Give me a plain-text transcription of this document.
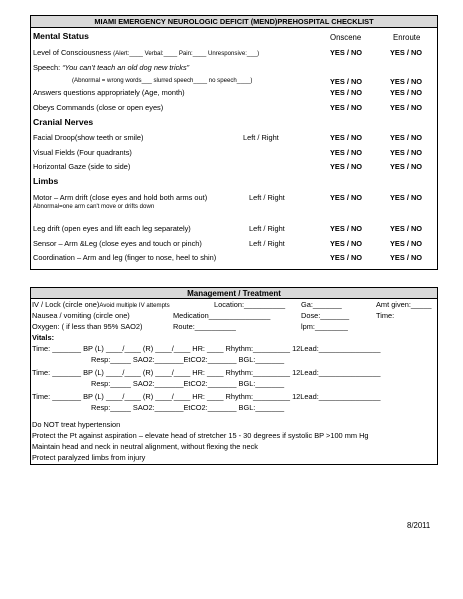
MIAMI EMERGENCY NEUROLOGIC DEFICIT (MEND)PREHOSPITAL CHECKLIST
Onscene	Enroute
Mental Status
Level of Consciousness (Alert:____ Verbal:____ Pain:____ Unresponsive:___)	YES / NO	YES / NO
Speech: “You can’t teach an old dog new tricks”
(Abnormal = wrong words___ slurred speech____ no speech____)	YES / NO	YES / NO
Answers questions appropriately (Age, month)	YES / NO	YES / NO
Obeys Commands (close or open eyes)	YES / NO	YES / NO
Cranial Nerves
Facial Droop(show teeth or smile)	Left / Right	YES / NO	YES / NO
Visual Fields (Four quadrants)	YES / NO	YES / NO
Horizontal Gaze (side to side)	YES / NO	YES / NO
Limbs
Motor – Arm drift (close eyes and hold both arms out)
Abnormal=one arm can't move or drifts down
Left / Right	YES / NO	YES / NO
Leg drift (open eyes and lift each leg separately)	Left / Right	YES / NO	YES / NO
Sensor – Arm &Leg (close eyes and touch or pinch)	Left / Right	YES / NO	YES / NO
Coordination – Arm and leg (finger to nose, heel to shin)	YES / NO	YES / NO
Management / Treatment
IV / Lock (circle one)Avoid multiple IV attempts	Location:__________ Ga:_______	Amt given:_____
Nausea / vomiting (circle one)	Medication_______________	Dose:_______	Time:
Oxygen: ( if less than 95% SAO2)	Route:__________	lpm:________
Vitals:
Time: _______ BP (L) ____/____ (R) ____/____ HR: ____ Rhythm:_________ 12Lead:_______________
Resp:_____ SAO2:_______EtCO2:_______ BGL:_______
Time: _______ BP (L) ____/____ (R) ____/____ HR: ____ Rhythm:_________ 12Lead:_______________
Resp:_____ SAO2:_______EtCO2:_______ BGL:_______
Time: _______ BP (L) ____/____ (R) ____/____ HR: ____ Rhythm:_________ 12Lead:_______________
Resp:_____ SAO2:_______EtCO2:_______ BGL:_______
Do NOT treat hypertension
Protect the Pt against aspiration – elevate head of stretcher 15 - 30 degrees if systolic BP >100 mm Hg
Maintain head and neck in neutral alignment, without flexing the neck
Protect paralyzed limbs from injury
8/2011
